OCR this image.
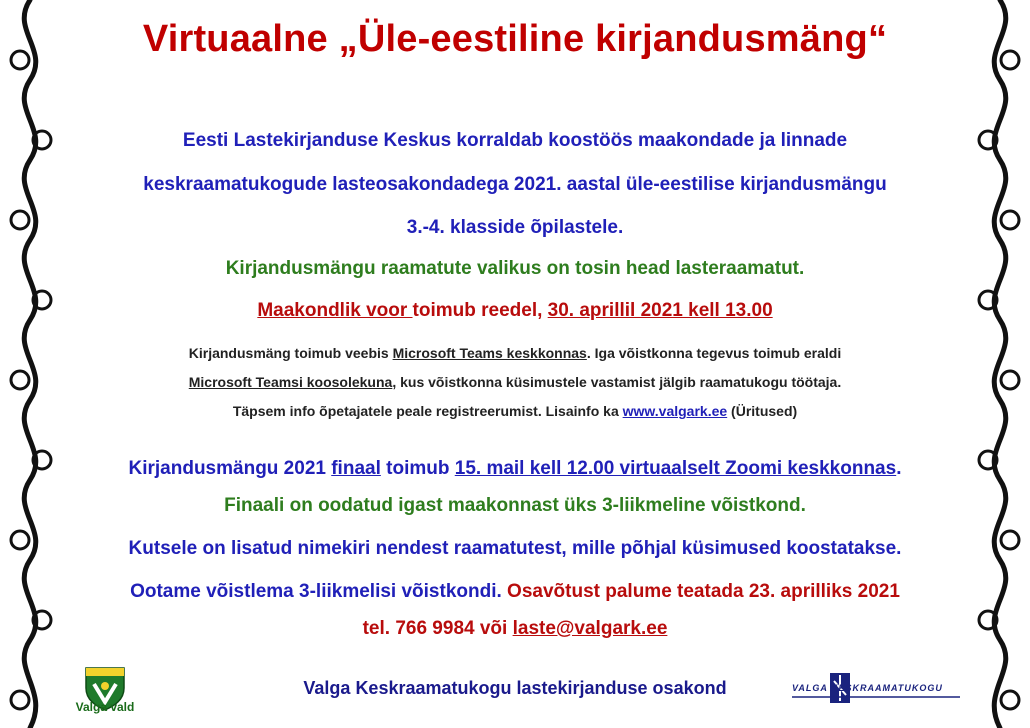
Virtuaalne „Üle-eestiline kirjandusmäng“
Eesti Lastekirjanduse Keskus korraldab koostöös maakondade ja linnade
keskraamatukogude lasteosakondadega 2021. aastal üle-eestilise kirjandusmängu
3.-4. klasside õpilastele.
Kirjandusmängu raamatute valikus on tosin head lasteraamatut.
Maakondlik voor toimub reedel, 30. aprillil 2021 kell 13.00
Kirjandusmäng toimub veebis Microsoft Teams keskkonnas. Iga võistkonna tegevus toimub eraldi
Microsoft Teamsi koosolekuna, kus võistkonna küsimustele vastamist jälgib raamatukogu töötaja.
Täpsem info õpetajatele peale registreerumist. Lisainfo ka www.valgark.ee (Üritused)
Kirjandusmängu 2021 finaal toimub 15. mail kell 12.00 virtuaalselt Zoomi keskkonnas.
Finaali on oodatud igast maakonnast üks 3-liikmeline võistkond.
Kutsele on lisatud nimekiri nendest raamatutest, mille põhjal küsimused koostatakse.
Ootame võistlema 3-liikmelisi võistkondi. Osavõtust palume teatada 23. aprilliks 2021
tel. 766 9984 või laste@valgark.ee
Valga vald
Valga Keskraamatukogu lastekirjanduse osakond	VALGA KESKRAAMATUKOGU
